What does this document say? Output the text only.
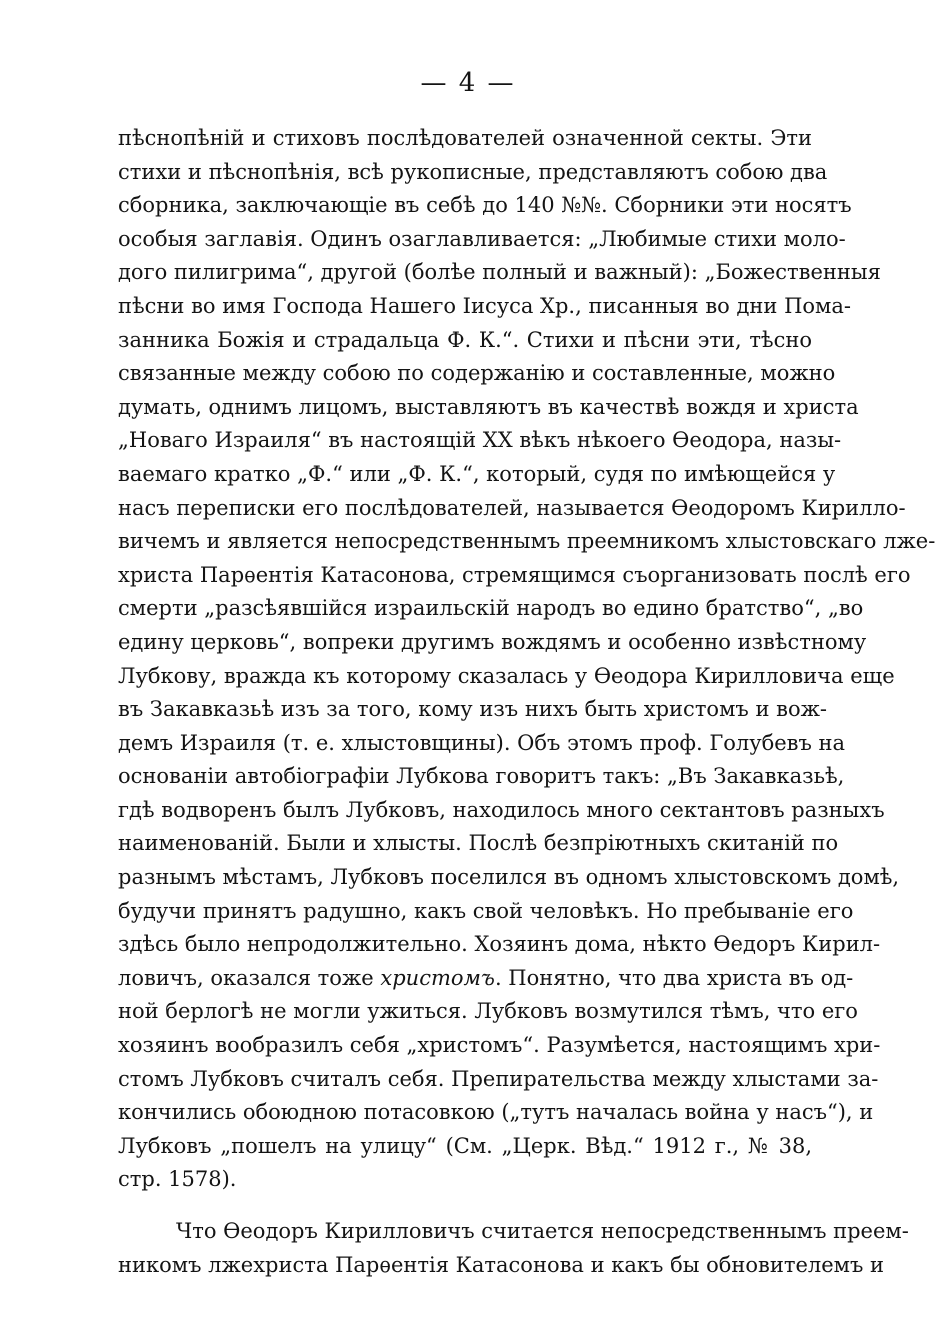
— 4 —
пѣснопѣній и стиховъ послѣдователей означенной секты. Эти
стихи и пѣснопѣнія, всѣ рукописные, представляютъ собою два
сборника, заключающіе въ себѣ до 140 №№. Сборники эти носятъ
особыя заглавія. Одинъ озаглавливается: „Любимые стихи моло-
дого пилигрима“, другой (болѣе полный и важный): „Божественныя
пѣсни во имя Господа Нашего Іисуса Хр., писанныя во дни Пома-
занника Божія и страдальца Ф. К.“. Стихи и пѣсни эти, тѣсно
связанные между собою по содержанію и составленные, можно
думать, однимъ лицомъ, выставляютъ въ качествѣ вождя и христа
„Новаго Израиля“ въ настоящій XX вѣкъ нѣкоего Ѳеодора, назы-
ваемаго кратко „Ф.“ или „Ф. К.“, который, судя по имѣющейся у
насъ переписки его послѣдователей, называется Ѳеодоромъ Кирилло-
вичемъ и является непосредственнымъ преемникомъ хлыстовскаго лже-
христа Парѳентія Катасонова, стремящимся съорганизовать послѣ его
смерти „разсѣявшійся израильскій народъ во едино братство“, „во
едину церковь“, вопреки другимъ вождямъ и особенно извѣстному
Лубкову, вражда къ которому сказалась у Ѳеодора Кирилловича еще
въ Закавказьѣ изъ за того, кому изъ нихъ быть христомъ и вож-
демъ Израиля (т. е. хлыстовщины). Объ этомъ проф. Голубевъ на
основаніи автобіографіи Лубкова говоритъ такъ: „Въ Закавказьѣ,
гдѣ водворенъ былъ Лубковъ, находилось много сектантовъ разныхъ
наименованій. Были и хлысты. Послѣ безпріютныхъ скитаній по
разнымъ мѣстамъ, Лубковъ поселился въ одномъ хлыстовскомъ домѣ,
будучи принятъ радушно, какъ свой человѣкъ. Но пребываніе его
здѣсь было непродолжительно. Хозяинъ дома, нѣкто Ѳедоръ Кирил-
ловичъ, оказался тоже христомъ. Понятно, что два христа въ од-
ной берлогѣ не могли ужиться. Лубковъ возмутился тѣмъ, что его
хозяинъ вообразилъ себя „христомъ“. Разумѣется, настоящимъ хри-
стомъ Лубковъ считалъ себя. Препирательства между хлыстами за-
кончились обоюдною потасовкою („тутъ началась война у насъ“), и
Лубковъ „пошелъ на улицу“ (См. „Церк. Вѣд.“ 1912 г., № 38,
стр. 1578).
Что Ѳеодоръ Кирилловичъ считается непосредственнымъ преем-
никомъ лжехриста Парѳентія Катасонова и какъ бы обновителемъ и
